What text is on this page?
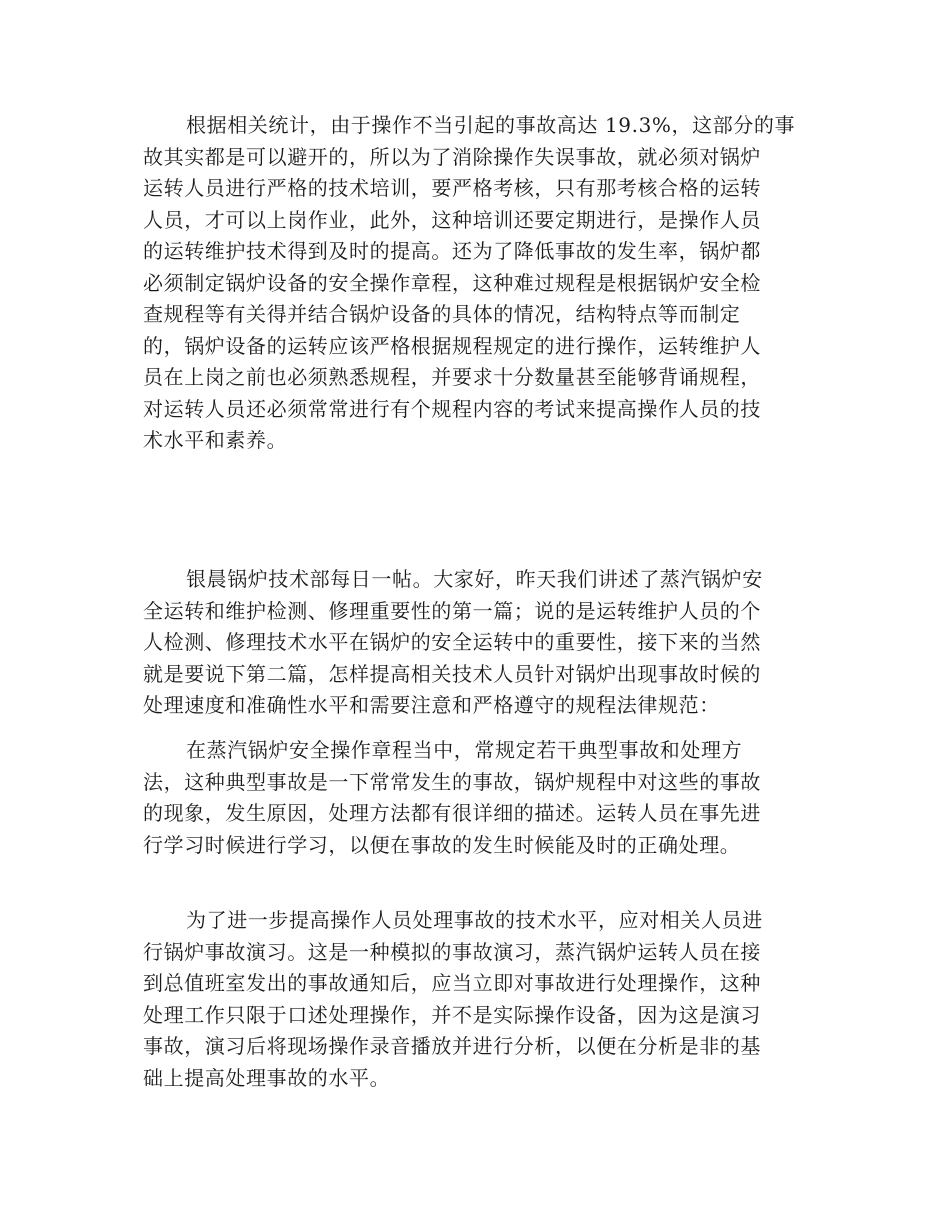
根据相关统计，由于操作不当引起的事故高达 19.3%，这部分的事
故其实都是可以避开的，所以为了消除操作失误事故，就必须对锅炉
运转人员进行严格的技术培训，要严格考核，只有那考核合格的运转
人员，才可以上岗作业，此外，这种培训还要定期进行，是操作人员
的运转维护技术得到及时的提高。还为了降低事故的发生率，锅炉都
必须制定锅炉设备的安全操作章程，这种难过规程是根据锅炉安全检
查规程等有关得并结合锅炉设备的具体的情况，结构特点等而制定
的，锅炉设备的运转应该严格根据规程规定的进行操作，运转维护人
员在上岗之前也必须熟悉规程，并要求十分数量甚至能够背诵规程，
对运转人员还必须常常进行有个规程内容的考试来提高操作人员的技
术水平和素养。
银晨锅炉技术部每日一帖。大家好，昨天我们讲述了蒸汽锅炉安
全运转和维护检测、修理重要性的第一篇；说的是运转维护人员的个
人检测、修理技术水平在锅炉的安全运转中的重要性，接下来的当然
就是要说下第二篇，怎样提高相关技术人员针对锅炉出现事故时候的
处理速度和准确性水平和需要注意和严格遵守的规程法律规范：
在蒸汽锅炉安全操作章程当中，常规定若干典型事故和处理方
法，这种典型事故是一下常常发生的事故，锅炉规程中对这些的事故
的现象，发生原因，处理方法都有很详细的描述。运转人员在事先进
行学习时候进行学习，以便在事故的发生时候能及时的正确处理。
为了进一步提高操作人员处理事故的技术水平，应对相关人员进
行锅炉事故演习。这是一种模拟的事故演习，蒸汽锅炉运转人员在接
到总值班室发出的事故通知后，应当立即对事故进行处理操作，这种
处理工作只限于口述处理操作，并不是实际操作设备，因为这是演习
事故，演习后将现场操作录音播放并进行分析，以便在分析是非的基
础上提高处理事故的水平。
